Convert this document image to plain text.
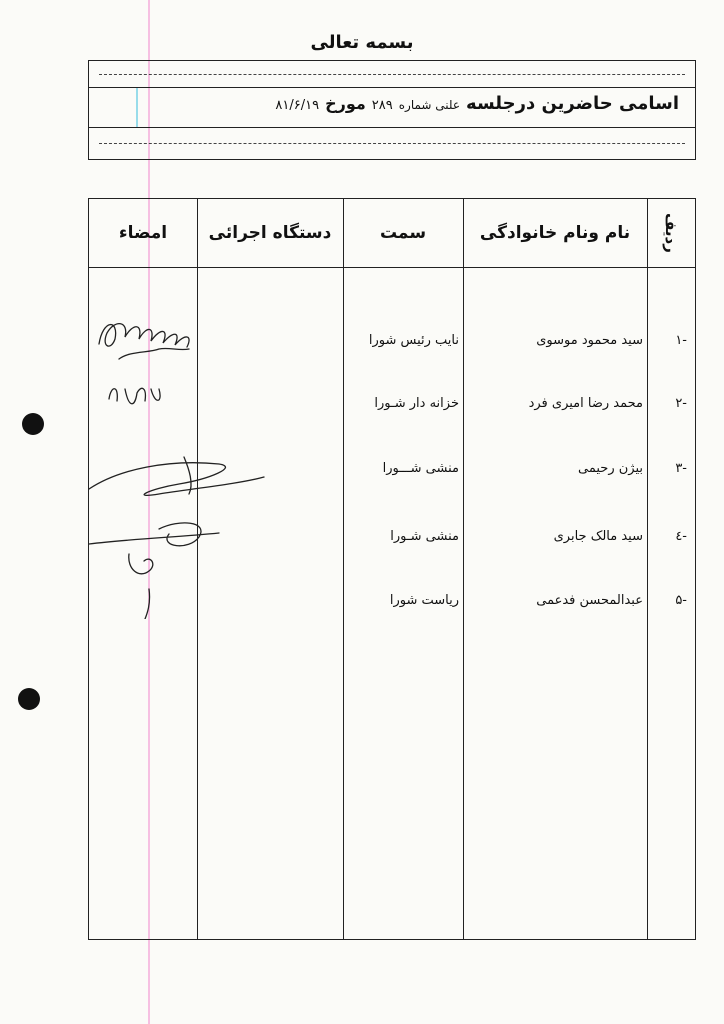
بسمه تعالی
اسامی حاضرین درجلسه
علنی شماره
۲۸۹
مورخ
۸۱/۶/۱۹
ردیف
نام ونام خانوادگی
سمت
دستگاه اجرائی
امضاء
-۱
سید محمود موسوی
نایب رئیس شورا
-۲
محمد رضا امیری فرد
خزانه دار شـورا
-۳
بیژن رحیمی
منشی شـــورا
-٤
سید مالک جابری
منشی شـورا
-۵
عبدالمحسن فدعمی
ریاست شورا
